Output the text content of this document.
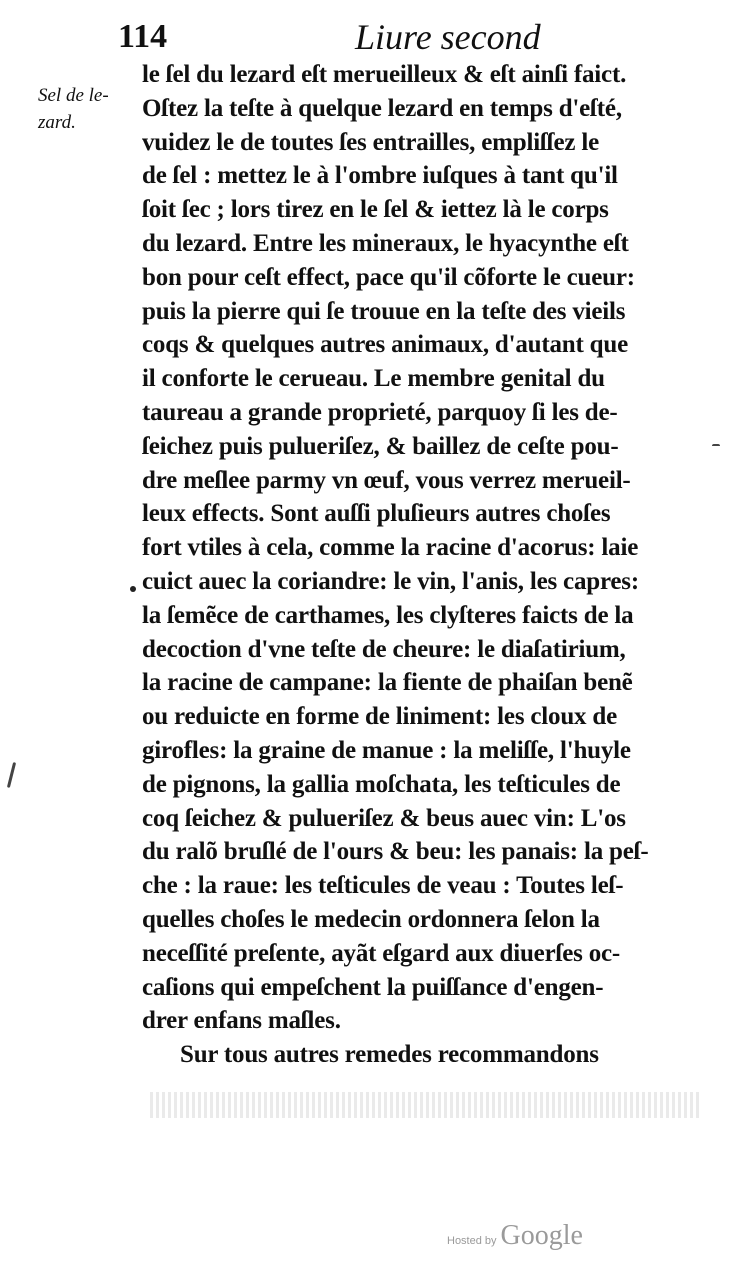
114	Liure second
Sel de le-zard.
le ſel du lezard eſt merueilleux & eſt ainſi faict.
Oſtez la teſte à quelque lezard en temps d'eſté,
vuidez le de toutes ſes entrailles, empliſſez le
de ſel : mettez le à l'ombre iuſques à tant qu'il
ſoit ſec ; lors tirez en le ſel & iettez là le corps
du lezard. Entre les mineraux, le hyacynthe eſt
bon pour ceſt effect, pace qu'il cõforte le cueur:
puis la pierre qui ſe trouue en la teſte des vieils
coqs & quelques autres animaux, d'autant que
il conforte le cerueau. Le membre genital du
taureau a grande proprieté, parquoy ſi les de-
ſeichez puis pulueriſez, & baillez de ceſte pou-
dre meſlee parmy vn œuf, vous verrez merueil-
leux effects. Sont auſſi pluſieurs autres choſes
fort vtiles à cela, comme la racine d'acorus: laie
cuict auec la coriandre: le vin, l'anis, les capres:
la ſemẽce de carthames, les clyſteres faicts de la
decoction d'vne teſte de cheure: le diaſatirium,
la racine de campane: la fiente de phaiſan benẽ
ou reduicte en forme de liniment: les cloux de
girofles: la graine de manue : la meliſſe, l'huyle
de pignons, la gallia moſchata, les teſticules de
coq ſeichez & pulueriſez & beus auec vin: L'os
du ralõ bruſlé de l'ours & beu: les panais: la peſ-
che : la raue: les teſticules de veau : Toutes leſ-
quelles choſes le medecin ordonnera ſelon la
neceſſité preſente, ayãt eſgard aux diuerſes oc-
caſions qui empeſchent la puiſſance d'engen-
drer enfans maſles.
Sur tous autres remedes recommandons
Hosted by Google
